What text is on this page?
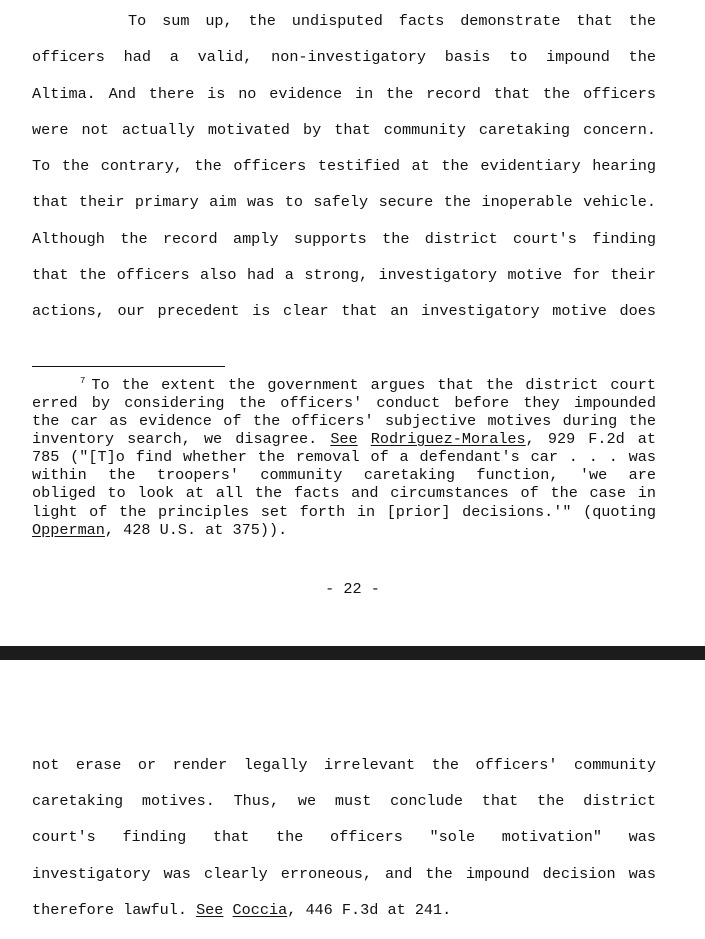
To sum up, the undisputed facts demonstrate that the
officers had a valid, non-investigatory basis to impound the
Altima. And there is no evidence in the record that the officers
were not actually motivated by that community caretaking concern.
To the contrary, the officers testified at the evidentiary hearing
that their primary aim was to safely secure the inoperable vehicle.
Although the record amply supports the district court's finding
that the officers also had a strong, investigatory motive for their
actions, our precedent is clear that an investigatory motive does
$^7$ To the extent the government argues that the district court
erred by considering the officers' conduct before they impounded
the car as evidence of the officers' subjective motives during the
inventory search, we disagree. See Rodriguez-Morales, 929 F.2d at
785 ("[T]o find whether the removal of a defendant's car . . . was
within the troopers' community caretaking function, 'we are
obliged to look at all the facts and circumstances of the case in
light of the principles set forth in [prior] decisions.'" (quoting
Opperman, 428 U.S. at 375)).
- 22 -
not erase or render legally irrelevant the officers' community
caretaking motives. Thus, we must conclude that the district
court's finding that the officers "sole motivation" was
investigatory was clearly erroneous, and the impound decision was
therefore lawful. See Coccia, 446 F.3d at 241.
